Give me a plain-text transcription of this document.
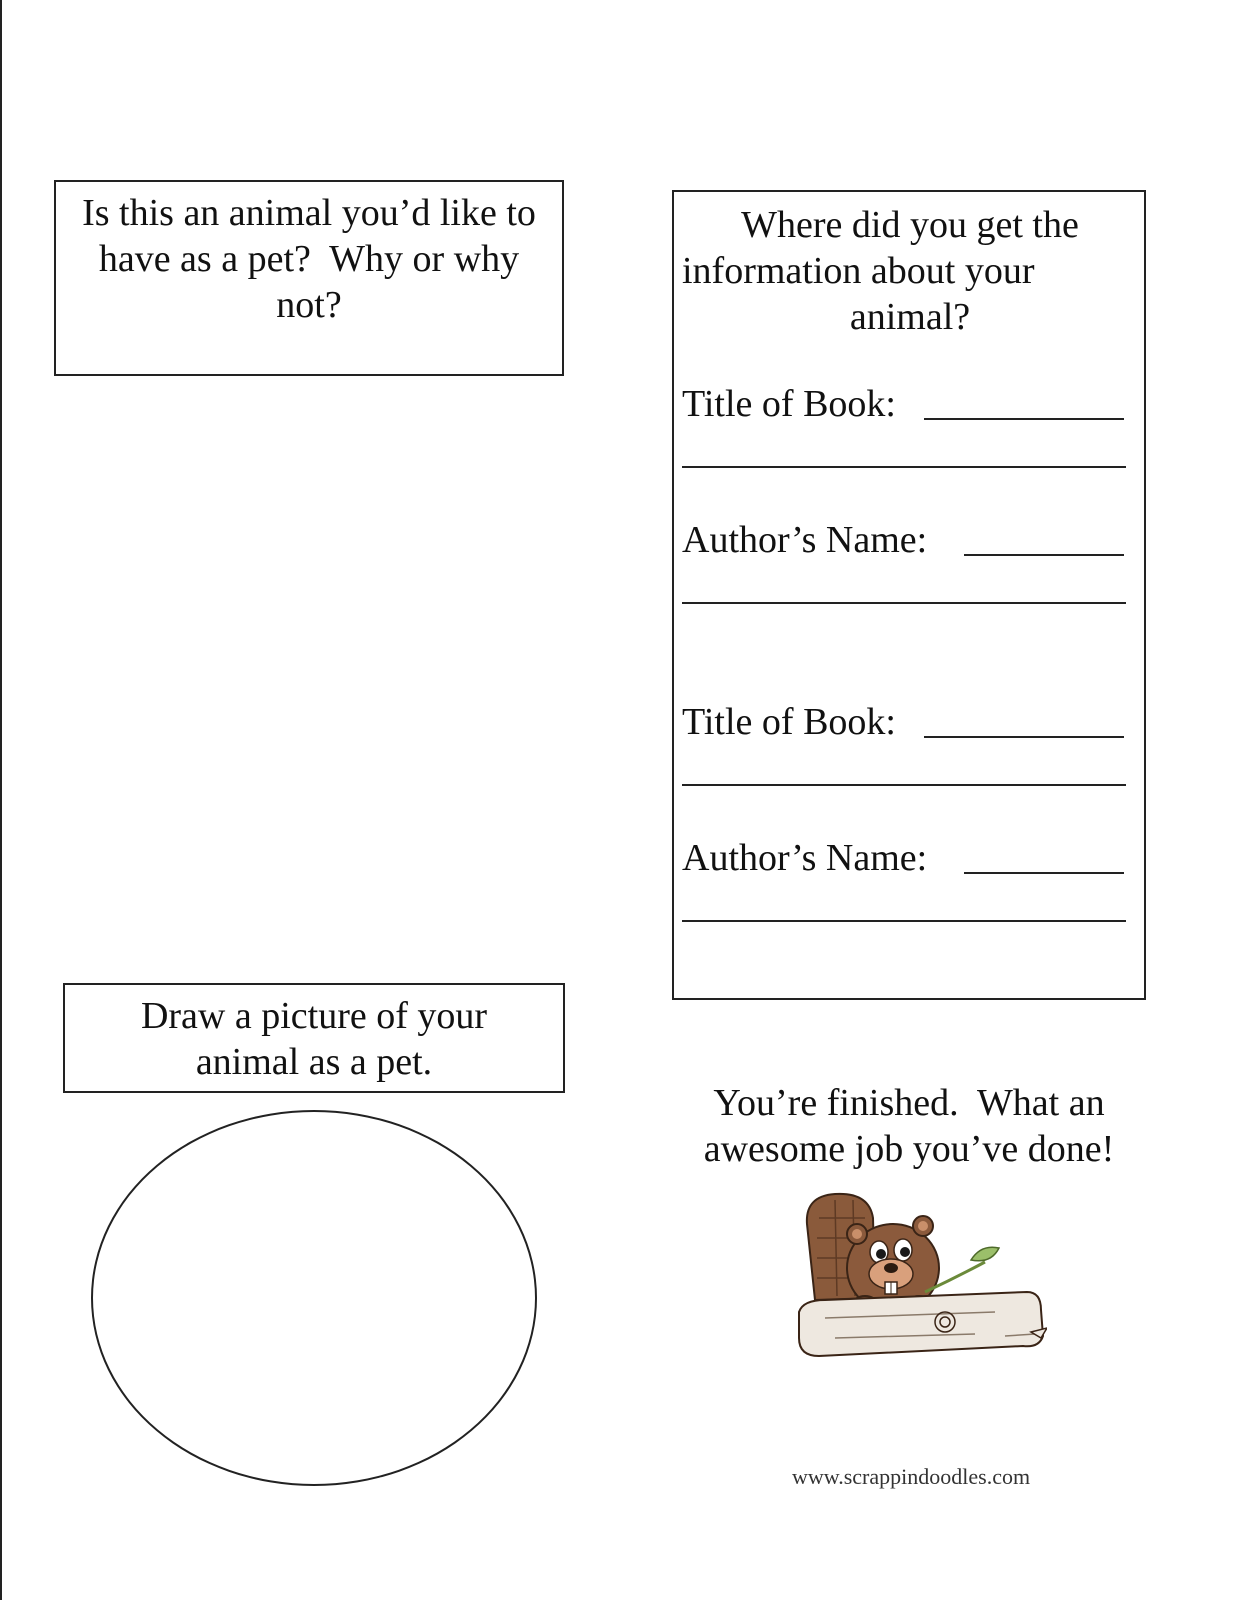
Is this an animal you’d like to
have as a pet?  Why or why
not?
Where did you get the
information about your
animal?
Title of Book:
Author’s Name:
Title of Book:
Author’s Name:
Draw a picture of your
animal as a pet.
You’re finished.  What an
awesome job you’ve done!
www.scrappindoodles.com
